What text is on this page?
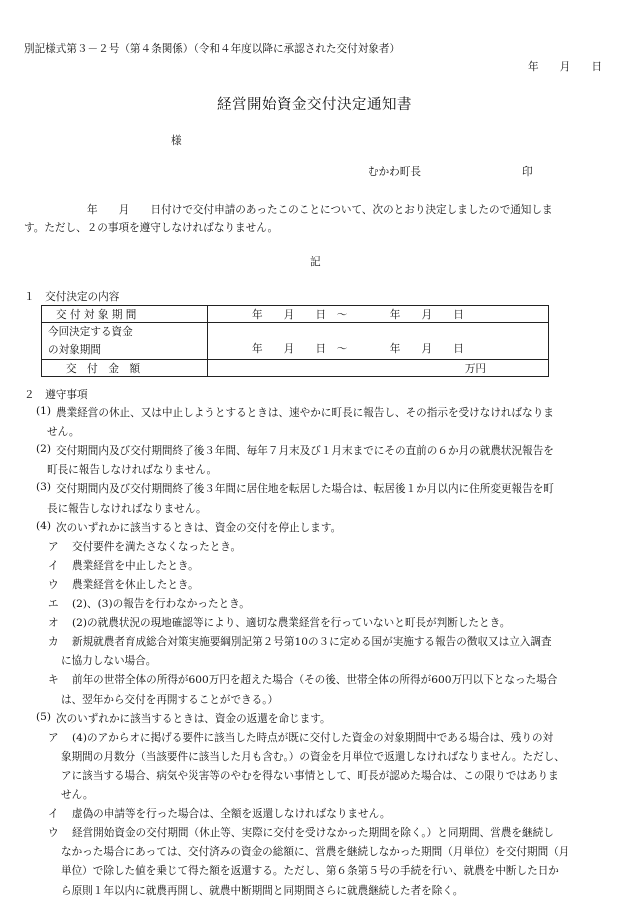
別記様式第３－２号（第４条関係）（令和４年度以降に承認された交付対象者）
年　　月　　日
経営開始資金交付決定通知書
様
むかわ町長	印
年　　月　　日付けで交付申請のあったこのことについて、次のとおり決定しましたので通知しま
す。ただし、２の事項を遵守しなければなりません。
記
１　交付決定の内容
交 付 対 象 期 間	年　　月　　日　～　　　　年　　月　　日

今回決定する資金
の対象期間	年　　月　　日　～　　　　年　　月　　日
交　付　金　額	万円
２　遵守事項
(1) 農業経営の休止、又は中止しようとするときは、速やかに町長に報告し、その指示を受けなければなりま
せん。
(2) 交付期間内及び交付期間終了後３年間、毎年７月末及び１月末までにその直前の６か月の就農状況報告を
町長に報告しなければなりません。
(3) 交付期間内及び交付期間終了後３年間に居住地を転居した場合は、転居後１か月以内に住所変更報告を町
長に報告しなければなりません。
(4) 次のいずれかに該当するときは、資金の交付を停止します。
ア 交付要件を満たさなくなったとき。
イ 農業経営を中止したとき。
ウ 農業経営を休止したとき。
エ (2)、(3)の報告を行わなかったとき。
オ (2)の就農状況の現地確認等により、適切な農業経営を行っていないと町長が判断したとき。
カ 新規就農者育成総合対策実施要綱別記第２号第10の３に定める国が実施する報告の徴収又は立入調査
に協力しない場合。
キ 前年の世帯全体の所得が600万円を超えた場合（その後、世帯全体の所得が600万円以下となった場合
は、翌年から交付を再開することができる。）
(5) 次のいずれかに該当するときは、資金の返還を命じます。
ア (4)のアからオに掲げる要件に該当した時点が既に交付した資金の対象期間中である場合は、残りの対
象期間の月数分（当該要件に該当した月も含む。）の資金を月単位で返還しなければなりません。ただし、
アに該当する場合、病気や災害等のやむを得ない事情として、町長が認めた場合は、この限りではありま
せん。
イ 虚偽の申請等を行った場合は、全額を返還しなければなりません。
ウ 経営開始資金の交付期間（休止等、実際に交付を受けなかった期間を除く。）と同期間、営農を継続し
なかった場合にあっては、交付済みの資金の総額に、営農を継続しなかった期間（月単位）を交付期間（月
単位）で除した値を乗じて得た額を返還する。ただし、第６条第５号の手続を行い、就農を中断した日か
ら原則１年以内に就農再開し、就農中断期間と同期間さらに就農継続した者を除く。
